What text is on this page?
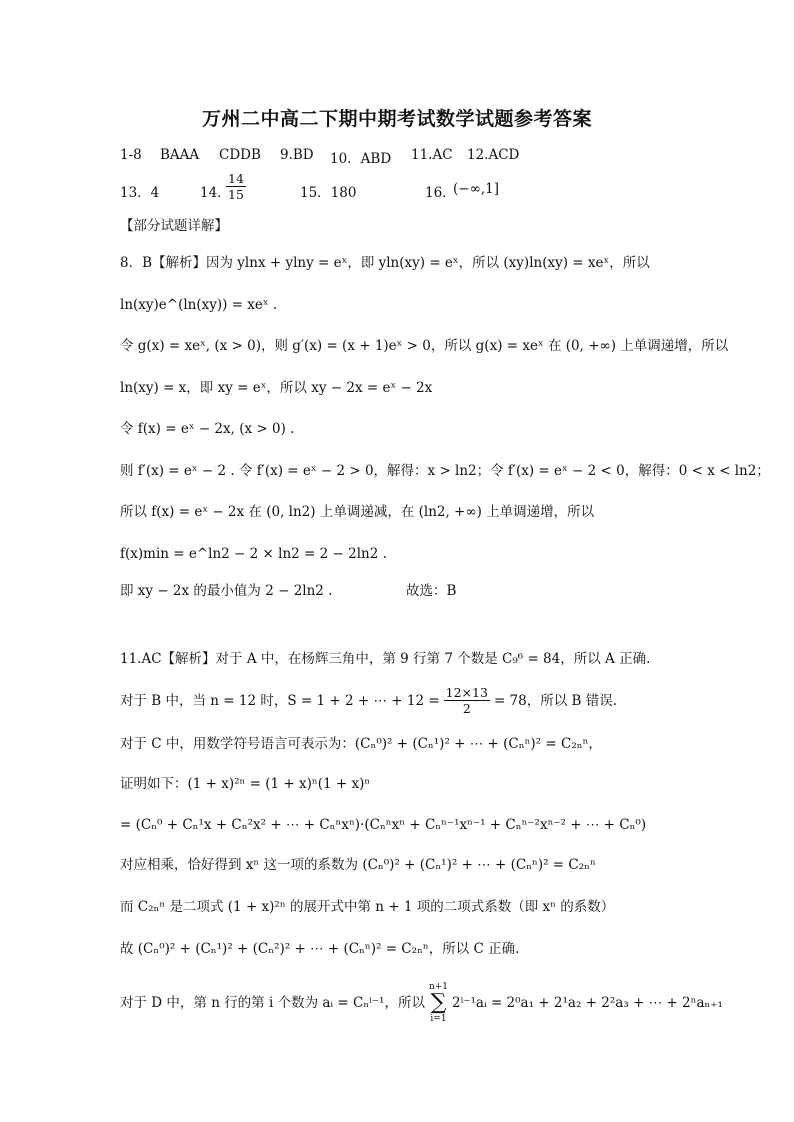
万州二中高二下期中期考试数学试题参考答案
1-8 BAAA CDDB 9.BD 10．ABD 11.AC 12.ACD
13．4	14．
$\frac{14}{15}$	15．180	16．
(−∞,1]
【部分试题详解】
8．B【解析】因为 ylnx + ylny = eˣ，即 yln(xy) = eˣ，所以 (xy)ln(xy) = xeˣ，所以
ln(xy)e^(ln(xy)) = xeˣ .
令 g(x) = xeˣ, (x > 0)，则 g′(x) = (x + 1)eˣ > 0，所以 g(x) = xeˣ 在 (0, +∞) 上单调递增，所以
ln(xy) = x，即 xy = eˣ，所以 xy − 2x = eˣ − 2x
令 f(x) = eˣ − 2x, (x > 0) .
则 f′(x) = eˣ − 2 . 令 f′(x) = eˣ − 2 > 0，解得：x > ln2；令 f′(x) = eˣ − 2 < 0，解得：0 < x < ln2；
所以 f(x) = eˣ − 2x 在 (0, ln2) 上单调递减，在 (ln2, +∞) 上单调递增，所以
f(x)min = e^ln2 − 2 × ln2 = 2 − 2ln2 .
即 xy − 2x 的最小值为 2 − 2ln2 .	故选：B
11.AC【解析】对于 A 中，在杨辉三角中，第 9 行第 7 个数是 C₉⁶ = 84，所以 A 正确.
对于 B 中，当 n = 12 时，S = 1 + 2 + ⋯ + $12 = \frac{12\times 13}{2} = 78$，所以 B 错误.
对于 C 中，用数学符号语言可表示为：(Cₙ⁰)² + (Cₙ¹)² + ⋯ + (Cₙⁿ)² = C₂ₙⁿ，
证明如下：(1 + x)²ⁿ = (1 + x)ⁿ(1 + x)ⁿ
= (Cₙ⁰ + Cₙ¹x + Cₙ²x² + ⋯ + Cₙⁿxⁿ)·(Cₙⁿxⁿ + Cₙⁿ⁻¹xⁿ⁻¹ + Cₙⁿ⁻²xⁿ⁻² + ⋯ + Cₙ⁰)
对应相乘，恰好得到 xⁿ 这一项的系数为 (Cₙ⁰)² + (Cₙ¹)² + ⋯ + (Cₙⁿ)² = C₂ₙⁿ
而 C₂ₙⁿ 是二项式 (1 + x)²ⁿ 的展开式中第 n + 1 项的二项式系数（即 xⁿ 的系数）
故 (Cₙ⁰)² + (Cₙ¹)² + (Cₙ²)² + ⋯ + (Cₙⁿ)² = C₂ₙⁿ，所以 C 正确.
对于 D 中，第 n 行的第 i 个数为 aᵢ = Cₙⁱ⁻¹，所以
n+1
∑
i=1
2ⁱ⁻¹aᵢ = 2⁰a₁ + 2¹a₂ + 2²a₃ + ⋯ + 2ⁿaₙ₊₁
